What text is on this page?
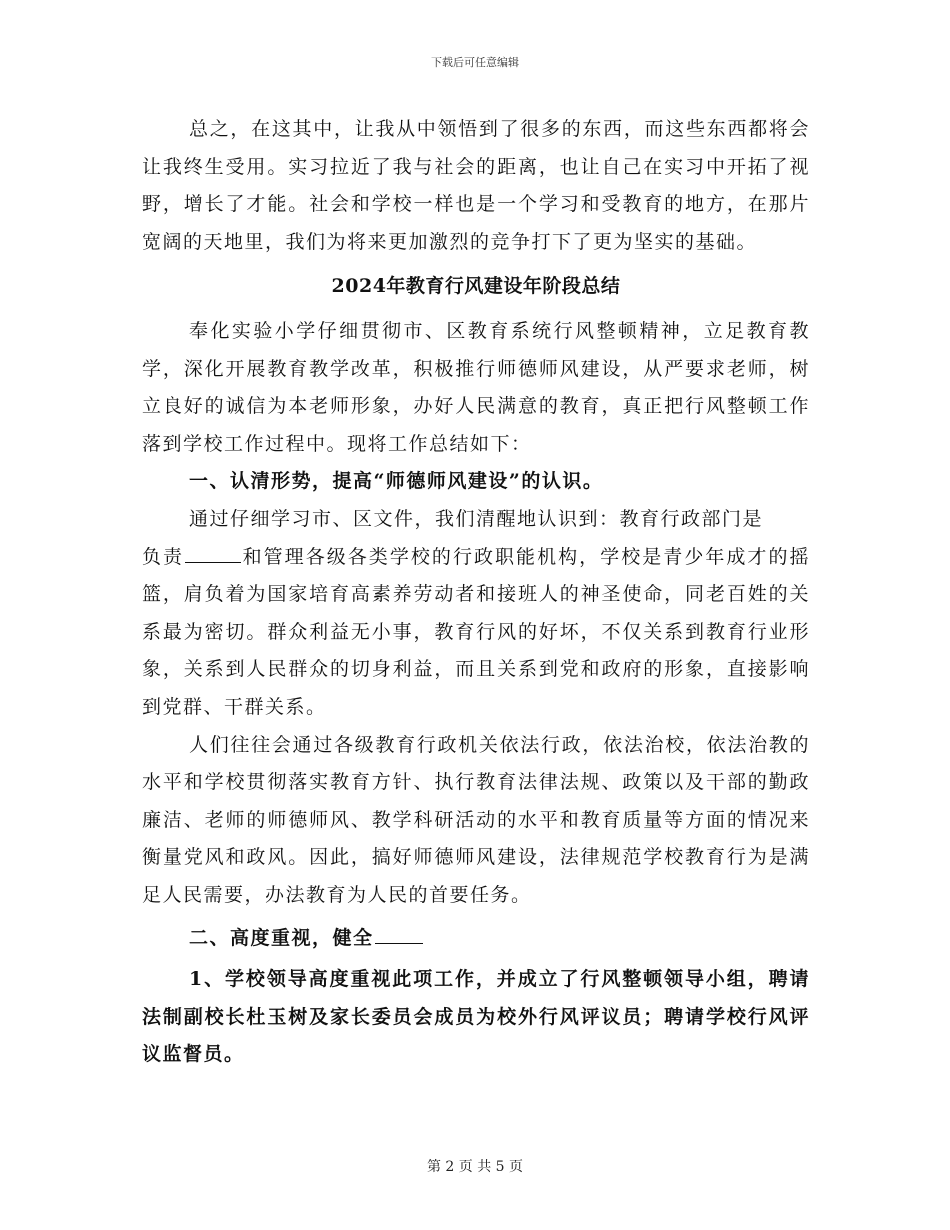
下载后可任意编辑

总之，在这其中，让我从中领悟到了很多的东西，而这些东西都将会让我终生受用。实习拉近了我与社会的距离，也让自己在实习中开拓了视野，增长了才能。社会和学校一样也是一个学习和受教育的地方，在那片宽阔的天地里，我们为将来更加激烈的竞争打下了更为坚实的基础。

2024年教育行风建设年阶段总结

奉化实验小学仔细贯彻市、区教育系统行风整顿精神，立足教育教学，深化开展教育教学改革，积极推行师德师风建设，从严要求老师，树立良好的诚信为本老师形象，办好人民满意的教育，真正把行风整顿工作落到学校工作过程中。现将工作总结如下：

一、认清形势，提高“师德师风建设”的认识。

通过仔细学习市、区文件，我们清醒地认识到：教育行政部门是
负责	和管理各级各类学校的行政职能机构，学校是青少年成才的摇篮，肩负着为国家培育高素养劳动者和接班人的神圣使命，同老百姓的关系最为密切。群众利益无小事，教育行风的好坏，不仅关系到教育行业形象，关系到人民群众的切身利益，而且关系到党和政府的形象，直接影响到党群、干群关系。

人们往往会通过各级教育行政机关依法行政，依法治校，依法治教的水平和学校贯彻落实教育方针、执行教育法律法规、政策以及干部的勤政廉洁、老师的师德师风、教学科研活动的水平和教育质量等方面的情况来衡量党风和政风。因此，搞好师德师风建设，法律规范学校教育行为是满足人民需要，办法教育为人民的首要任务。

二、高度重视，健全

1、学校领导高度重视此项工作，并成立了行风整顿领导小组，聘请法制副校长杜玉树及家长委员会成员为校外行风评议员；聘请学校行风评议监督员。

第 2 页 共 5 页
